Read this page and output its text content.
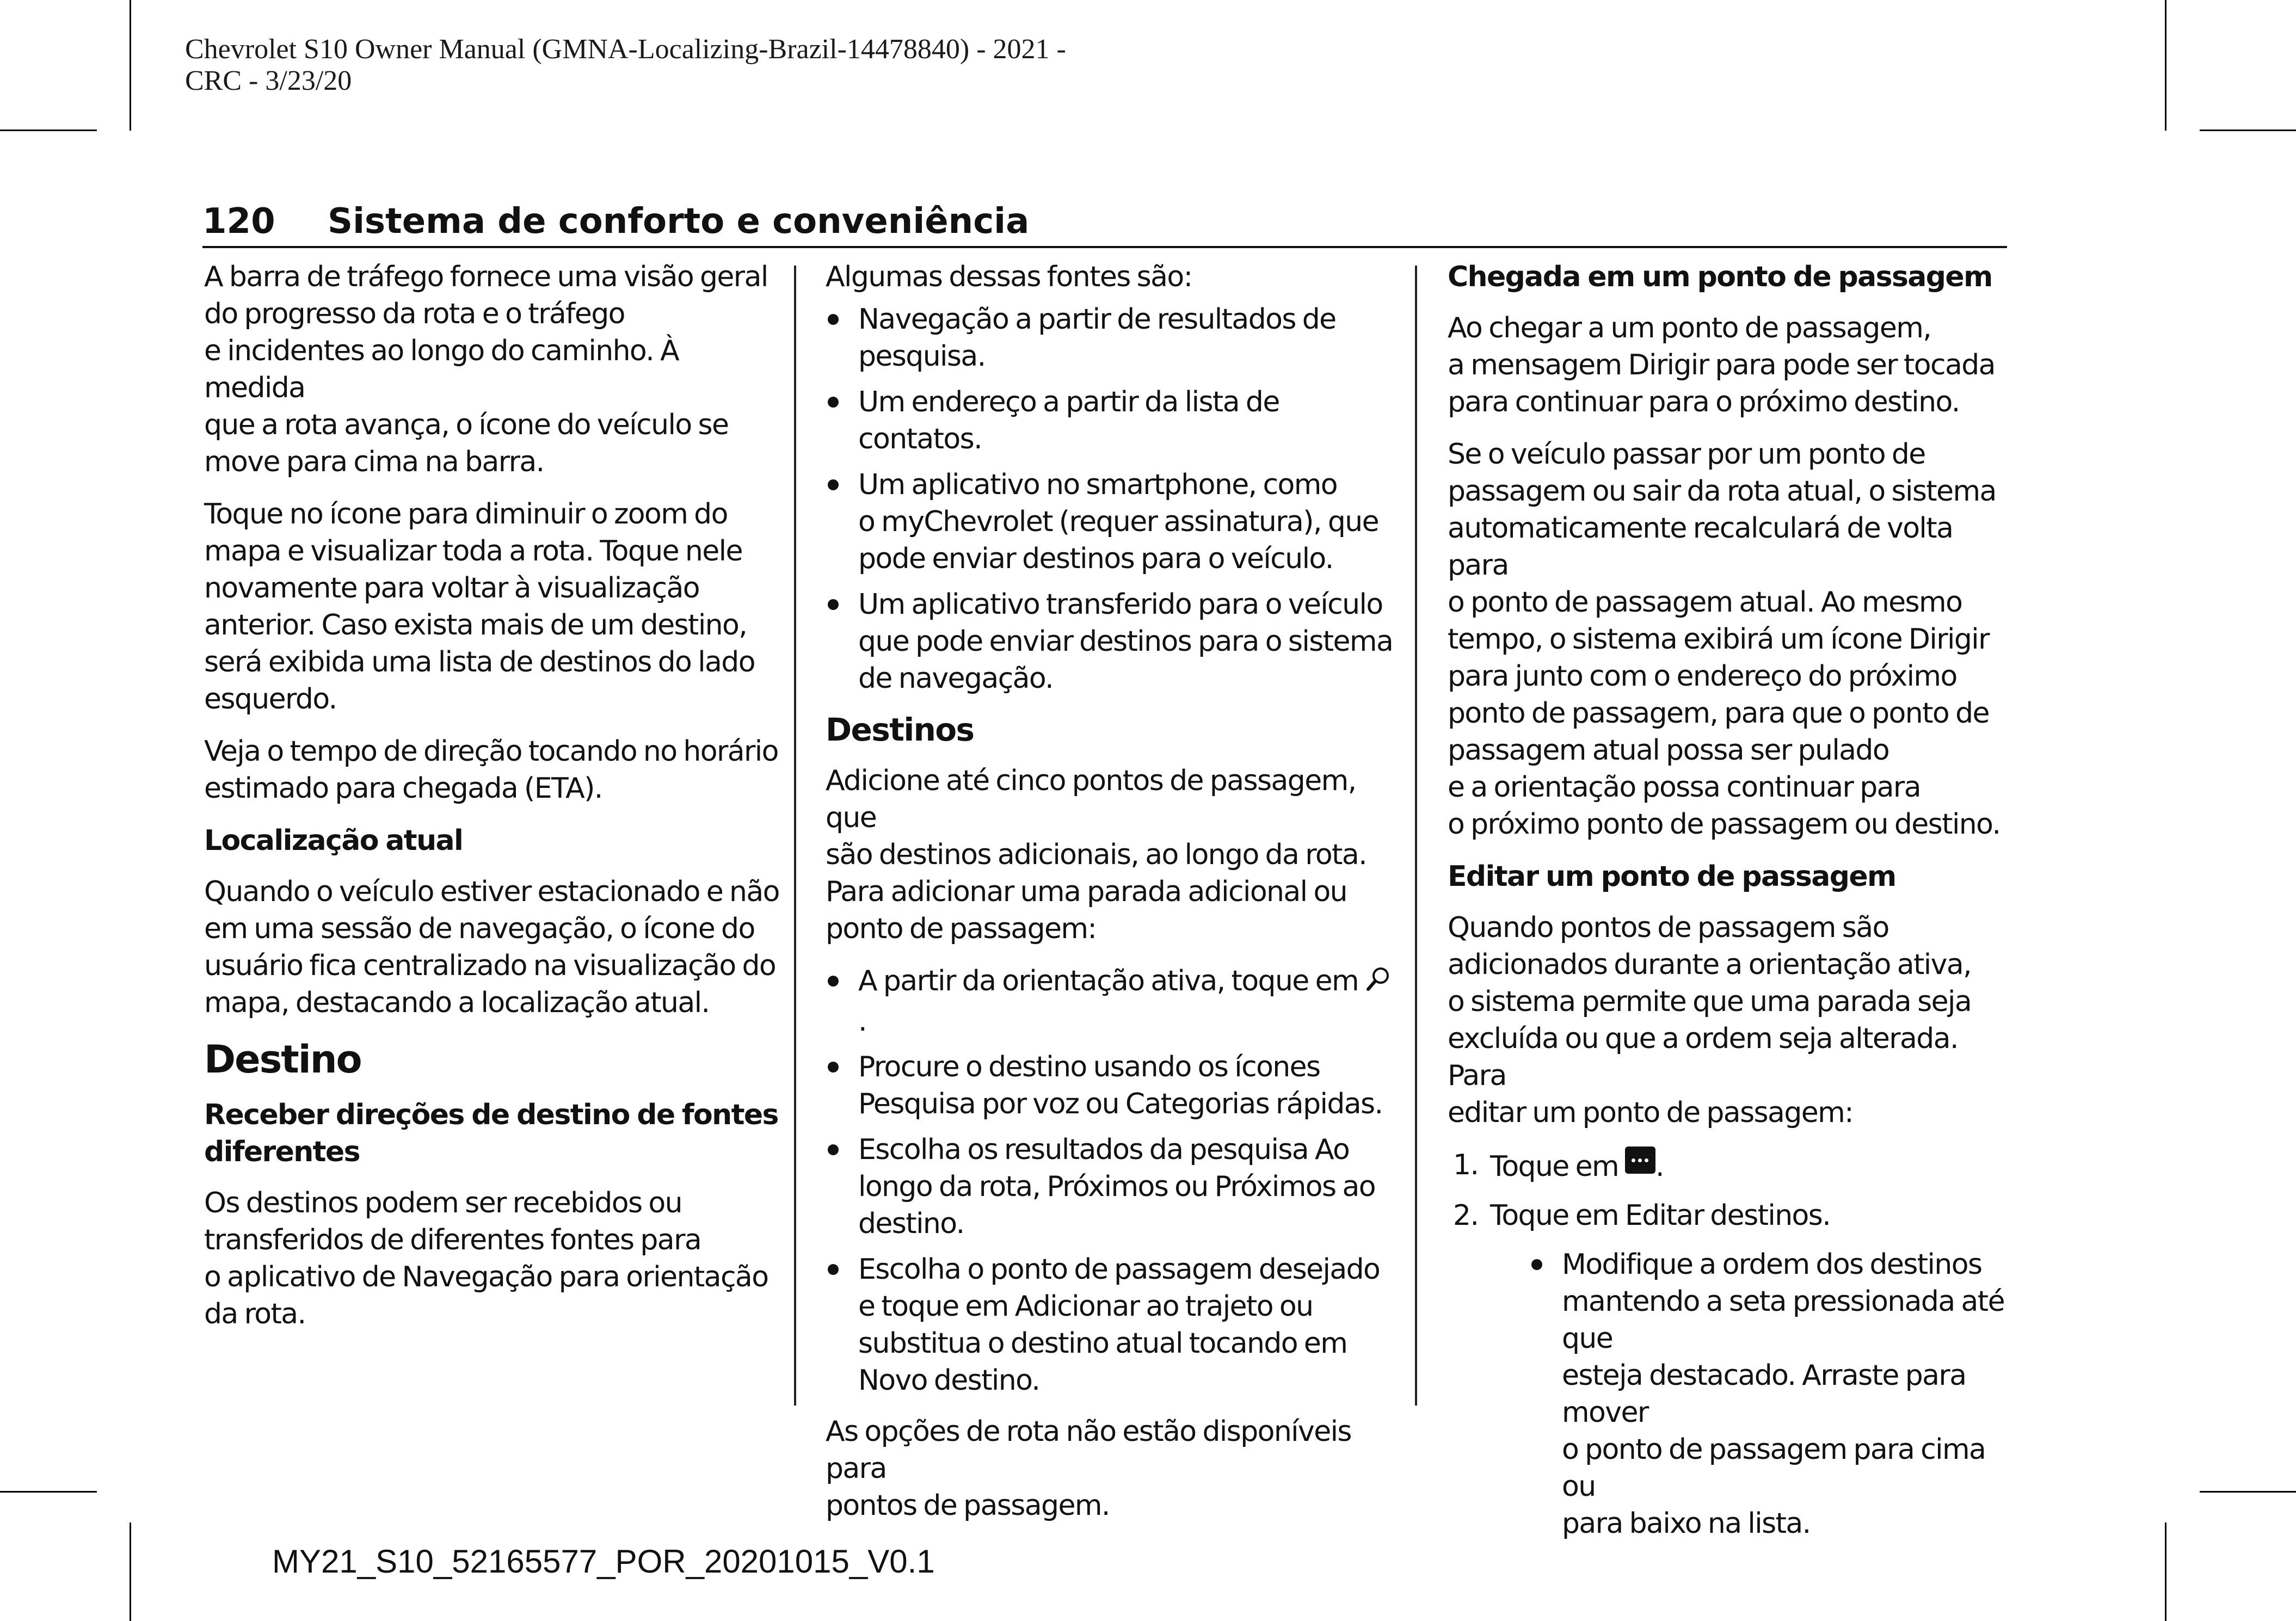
Chevrolet S10 Owner Manual (GMNA-Localizing-Brazil-14478840) - 2021 -
CRC - 3/23/20
120 Sistema de conforto e conveniência

A barra de tráfego fornece uma visão geral
do progresso da rota e o tráfego
e incidentes ao longo do caminho. À medida
que a rota avança, o ícone do veículo se
move para cima na barra.

Toque no ícone para diminuir o zoom do
mapa e visualizar toda a rota. Toque nele
novamente para voltar à visualização
anterior. Caso exista mais de um destino,
será exibida uma lista de destinos do lado
esquerdo.

Veja o tempo de direção tocando no horário
estimado para chegada (ETA).

Localização atual

Quando o veículo estiver estacionado e não
em uma sessão de navegação, o ícone do
usuário fica centralizado na visualização do
mapa, destacando a localização atual.

Destino
Receber direções de destino de fontes
diferentes

Os destinos podem ser recebidos ou
transferidos de diferentes fontes para
o aplicativo de Navegação para orientação
da rota.

Algumas dessas fontes são:

Navegação a partir de resultados de
pesquisa.
Um endereço a partir da lista de contatos.
Um aplicativo no smartphone, como
o myChevrolet (requer assinatura), que
pode enviar destinos para o veículo.
Um aplicativo transferido para o veículo
que pode enviar destinos para o sistema
de navegação.
Destinos

Adicione até cinco pontos de passagem, que
são destinos adicionais, ao longo da rota.
Para adicionar uma parada adicional ou
ponto de passagem:

A partir da orientação ativa, toque em .
Procure o destino usando os ícones
Pesquisa por voz ou Categorias rápidas.
Escolha os resultados da pesquisa Ao
longo da rota, Próximos ou Próximos ao
destino.
Escolha o ponto de passagem desejado
e toque em Adicionar ao trajeto ou
substitua o destino atual tocando em
Novo destino.

As opções de rota não estão disponíveis para
pontos de passagem.

Chegada em um ponto de passagem

Ao chegar a um ponto de passagem,
a mensagem Dirigir para pode ser tocada
para continuar para o próximo destino.

Se o veículo passar por um ponto de
passagem ou sair da rota atual, o sistema
automaticamente recalculará de volta para
o ponto de passagem atual. Ao mesmo
tempo, o sistema exibirá um ícone Dirigir
para junto com o endereço do próximo
ponto de passagem, para que o ponto de
passagem atual possa ser pulado
e a orientação possa continuar para
o próximo ponto de passagem ou destino.

Editar um ponto de passagem

Quando pontos de passagem são
adicionados durante a orientação ativa,
o sistema permite que uma parada seja
excluída ou que a ordem seja alterada. Para
editar um ponto de passagem:

1. Toque em
.
2. Toque em Editar destinos.
Modifique a ordem dos destinos
mantendo a seta pressionada até que
esteja destacado. Arraste para mover
o ponto de passagem para cima ou
para baixo na lista.
MY21_S10_52165577_POR_20201015_V0.1
